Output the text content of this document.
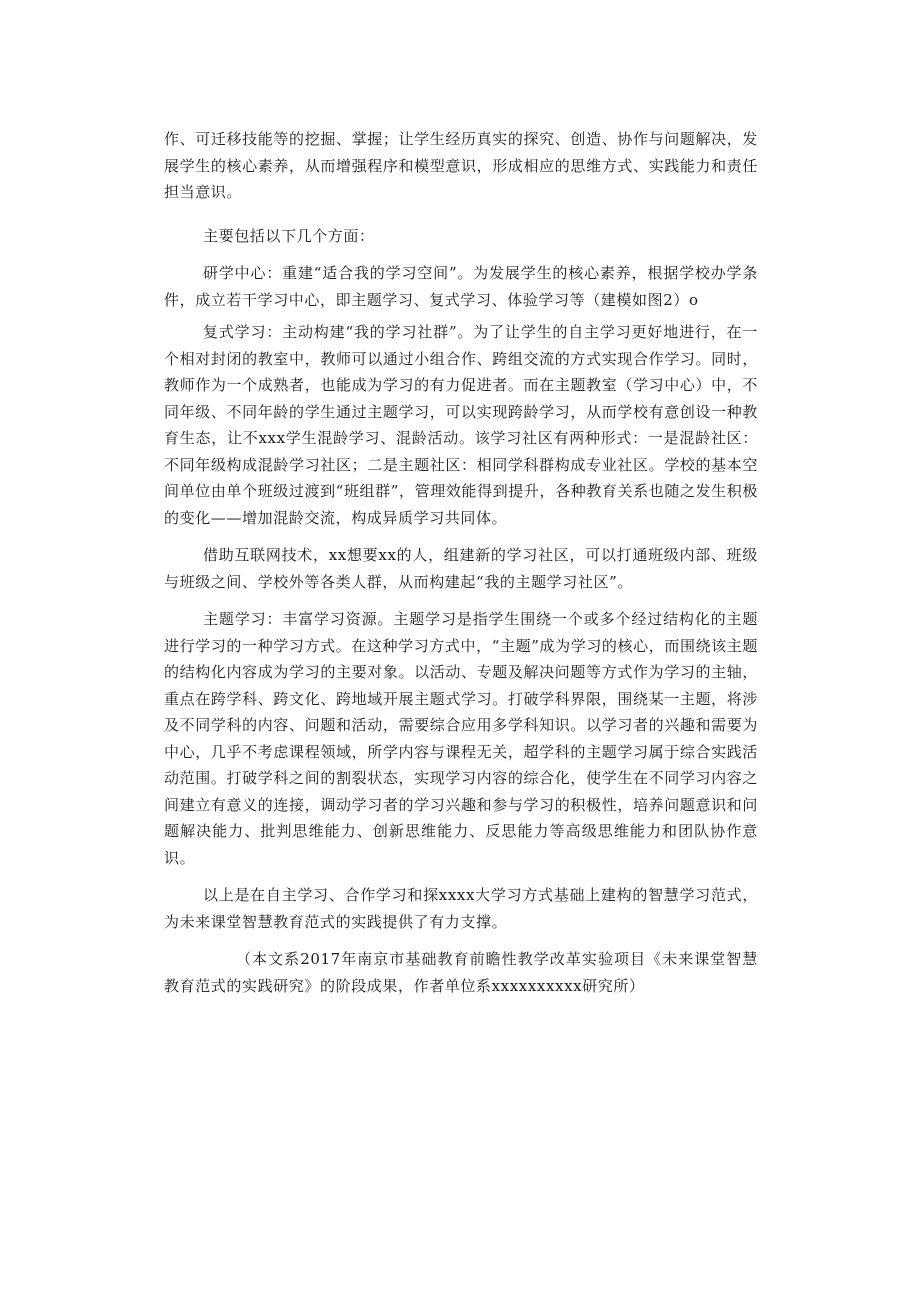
作、可迁移技能等的挖掘、掌握；让学生经历真实的探究、创造、协作与问题解决，发展学生的核心素养，从而增强程序和模型意识，形成相应的思维方式、实践能力和责任担当意识。

主要包括以下几个方面：

研学中心：重建“适合我的学习空间”。为发展学生的核心素养，根据学校办学条件，成立若干学习中心，即主题学习、复式学习、体验学习等（建模如图2）o

复式学习：主动构建“我的学习社群”。为了让学生的自主学习更好地进行，在一个相对封闭的教室中，教师可以通过小组合作、跨组交流的方式实现合作学习。同时，教师作为一个成熟者，也能成为学习的有力促进者。而在主题教室（学习中心）中，不同年级、不同年龄的学生通过主题学习，可以实现跨龄学习，从而学校有意创设一种教育生态，让不xxx学生混龄学习、混龄活动。该学习社区有两种形式：一是混龄社区：不同年级构成混龄学习社区；二是主题社区：相同学科群构成专业社区。学校的基本空间单位由单个班级过渡到“班组群”，管理效能得到提升，各种教育关系也随之发生积极的变化——增加混龄交流，构成异质学习共同体。

借助互联网技术，xx想要xx的人，组建新的学习社区，可以打通班级内部、班级与班级之间、学校外等各类人群，从而构建起“我的主题学习社区”。

主题学习：丰富学习资源。主题学习是指学生围绕一个或多个经过结构化的主题进行学习的一种学习方式。在这种学习方式中，“主题”成为学习的核心，而围绕该主题的结构化内容成为学习的主要对象。以活动、专题及解决问题等方式作为学习的主轴，重点在跨学科、跨文化、跨地域开展主题式学习。打破学科界限，围绕某一主题，将涉及不同学科的内容、问题和活动，需要综合应用多学科知识。以学习者的兴趣和需要为中心，几乎不考虑课程领域，所学内容与课程无关，超学科的主题学习属于综合实践活动范围。打破学科之间的割裂状态，实现学习内容的综合化，使学生在不同学习内容之间建立有意义的连接，调动学习者的学习兴趣和参与学习的积极性，培养问题意识和问题解决能力、批判思维能力、创新思维能力、反思能力等高级思维能力和团队协作意识。

以上是在自主学习、合作学习和探xxxx大学习方式基础上建构的智慧学习范式，为未来课堂智慧教育范式的实践提供了有力支撑。

（本文系2017年南京市基础教育前瞻性教学改革实验项目《未来课堂智慧教育范式的实践研究》的阶段成果，作者单位系xxxxxxxxxx研究所）
